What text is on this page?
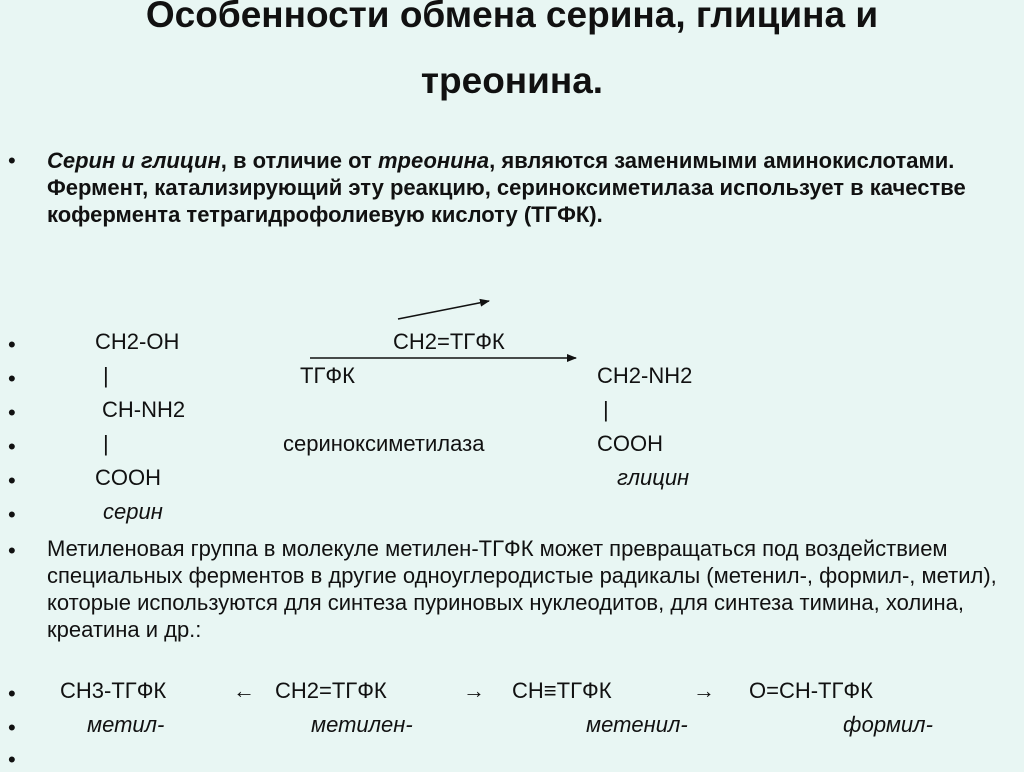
Особенности обмена серина, глицина и
треонина.
• Серин и глицин, в отличие от треонина, являются заменимыми аминокислотами. Фермент, катализирующий эту реакцию, сериноксиметилаза использует в качестве кофермента тетрагидрофолиевую кислоту (ТГФК).
•
•
•
•
•
•
CH2-OH
|
CH-NH2
|
COOH
серин
CH2=ТГФК
ТГФК
сериноксиметилаза
CH2-NH2
|
COOH
глицин
• Метиленовая группа в молекуле метилен-ТГФК может превращаться под воздействием специальных ферментов в другие одноуглеродистые радикалы (метенил-, формил-, метил), которые используются для синтеза пуриновых нуклеодитов, для синтеза тимина, холина, креатина и др.:
• CH3-ТГФК	← CH2=ТГФК	→ CH≡ТГФК	→ O=CH-ТГФК
•	метил-	метилен-	метенил-	формил-
•
